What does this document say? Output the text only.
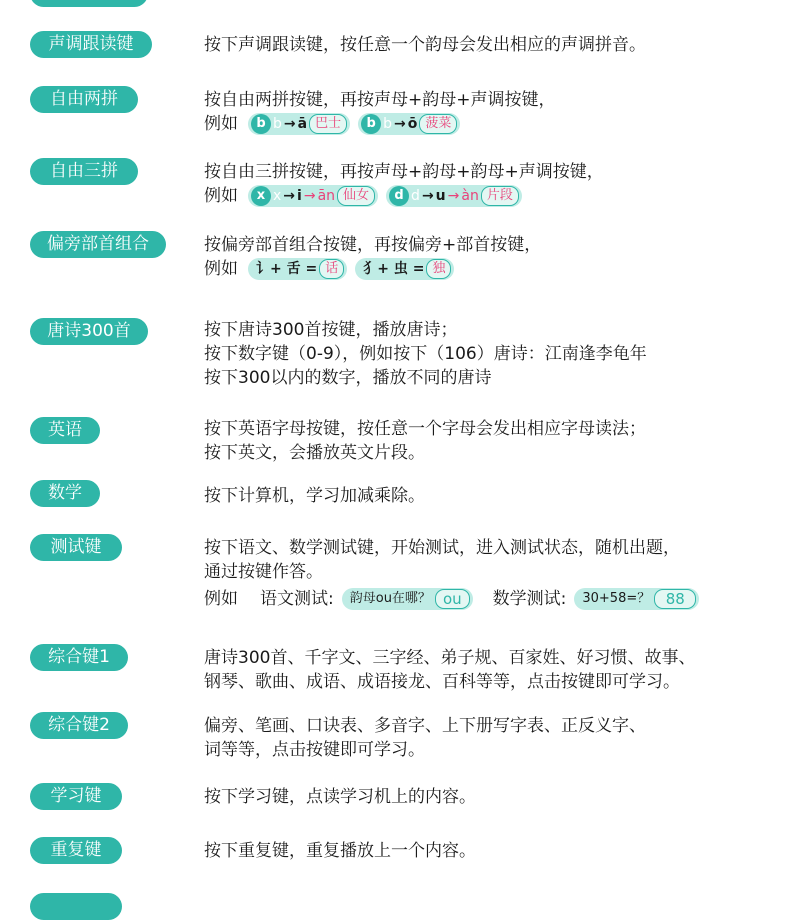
声调跟读键	按下声调跟读键，按任意一个韵母会发出相应的声调拼音。
自由两拼	按自由两拼按键，再按声母+韵母+声调按键，
例如	b b → ā 巴士	b b → ō 菠菜
自由三拼	按自由三拼按键，再按声母+韵母+韵母+声调按键，
例如	x x → i → ān 仙女	d d → u → àn 片段
偏旁部首组合	按偏旁部首组合按键，再按偏旁+部首按键，
例如 讠+ 舌 = 话	犭+ 虫 = 独
唐诗300首	按下唐诗300首按键，播放唐诗；
按下数字键（0-9），例如按下（106）唐诗：江南逢李龟年
按下300以内的数字，播放不同的唐诗
英语	按下英语字母按键，按任意一个字母会发出相应字母读法；
按下英文，会播放英文片段。
数学	按下计算机，学习加减乘除。
测试键	按下语文、数学测试键，开始测试，进入测试状态，随机出题，
通过按键作答。
例如 语文测试: 韵母ou在哪？ ou	数学测试: 30+58=？	88
综合键1	唐诗300首、千字文、三字经、弟子规、百家姓、好习惯、故事、
钢琴、歌曲、成语、成语接龙、百科等等，点击按键即可学习。
综合键2	偏旁、笔画、口诀表、多音字、上下册写字表、正反义字、
词等等，点击按键即可学习。
学习键	按下学习键，点读学习机上的内容。
重复键	按下重复键，重复播放上一个内容。
